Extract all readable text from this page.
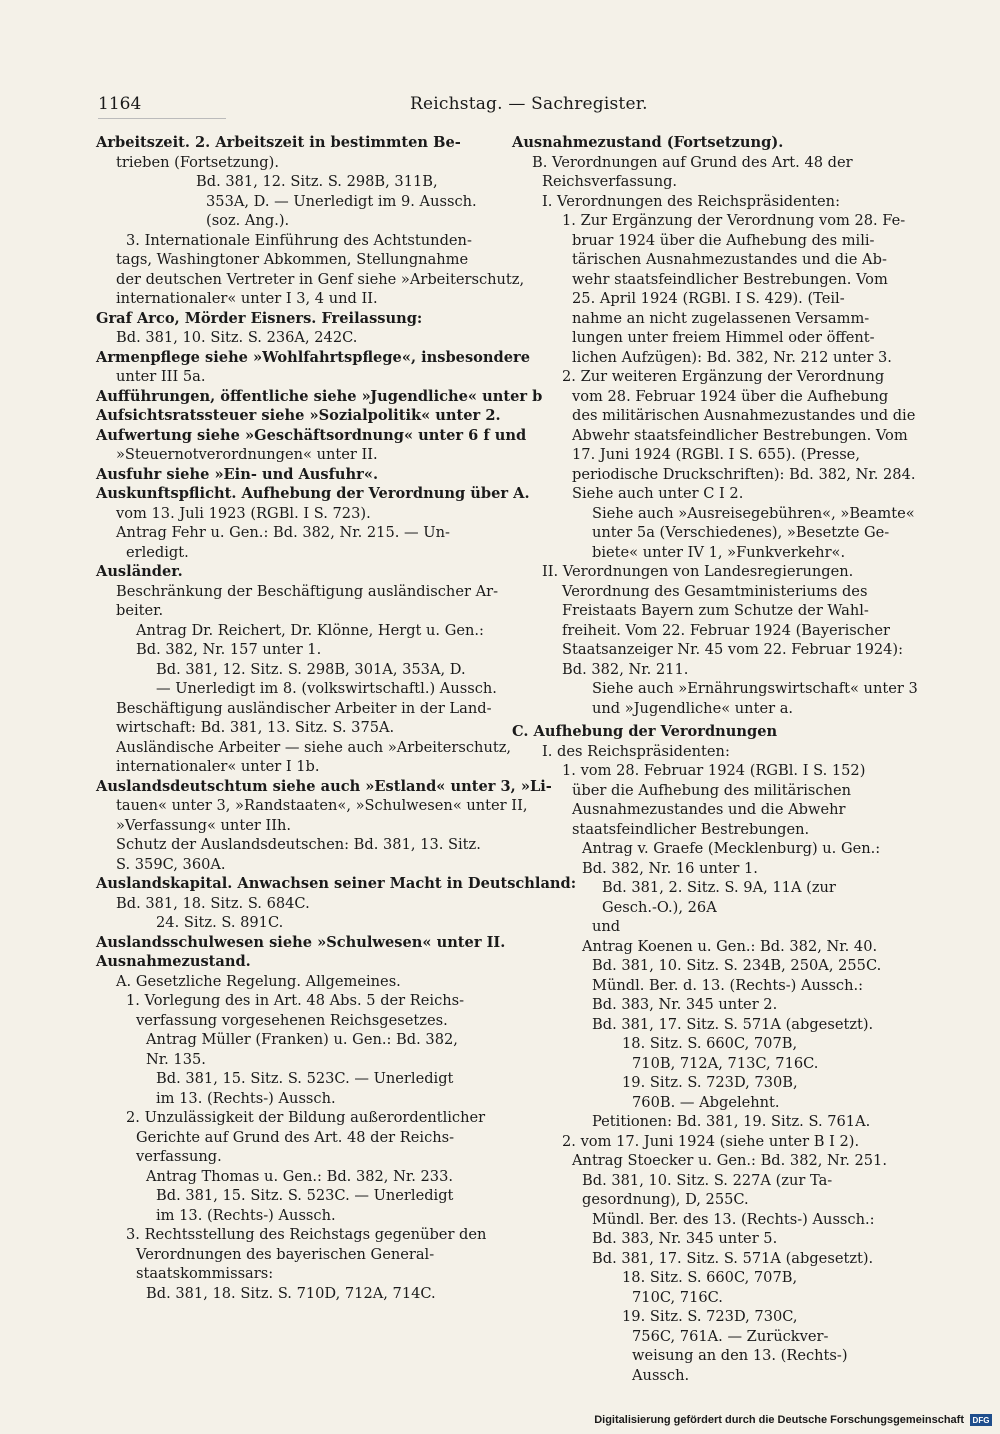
1164	Reichstag. — Sachregister.
Arbeitszeit. 2. Arbeitszeit in bestimmten Be-
trieben (Fortsetzung).
Bd. 381, 12. Sitz. S. 298B, 311B,
353A, D. — Unerledigt im 9. Aussch.
(soz. Ang.).
3. Internationale Einführung des Achtstunden-
tags, Washingtoner Abkommen, Stellungnahme
der deutschen Vertreter in Genf siehe »Arbeiterschutz,
internationaler« unter I 3, 4 und II.
Graf Arco, Mörder Eisners. Freilassung:
Bd. 381, 10. Sitz. S. 236A, 242C.
Armenpflege siehe »Wohlfahrtspflege«, insbesondere
unter III 5a.
Aufführungen, öffentliche siehe »Jugendliche« unter b
Aufsichtsratssteuer siehe »Sozialpolitik« unter 2.
Aufwertung siehe »Geschäftsordnung« unter 6 f und
»Steuernotverordnungen« unter II.
Ausfuhr siehe »Ein- und Ausfuhr«.
Auskunftspflicht. Aufhebung der Verordnung über A.
vom 13. Juli 1923 (RGBl. I S. 723).
Antrag Fehr u. Gen.: Bd. 382, Nr. 215. — Un-
erledigt.
Ausländer.
Beschränkung der Beschäftigung ausländischer Ar-
beiter.
Antrag Dr. Reichert, Dr. Klönne, Hergt u. Gen.:
Bd. 382, Nr. 157 unter 1.
Bd. 381, 12. Sitz. S. 298B, 301A, 353A, D.
— Unerledigt im 8. (volkswirtschaftl.) Aussch.
Beschäftigung ausländischer Arbeiter in der Land-
wirtschaft: Bd. 381, 13. Sitz. S. 375A.
Ausländische Arbeiter — siehe auch »Arbeiterschutz,
internationaler« unter I 1b.
Auslandsdeutschtum siehe auch »Estland« unter 3, »Li-
tauen« unter 3, »Randstaaten«, »Schulwesen« unter II,
»Verfassung« unter IIh.
Schutz der Auslandsdeutschen: Bd. 381, 13. Sitz.
S. 359C, 360A.
Auslandskapital. Anwachsen seiner Macht in Deutschland:
Bd. 381, 18. Sitz. S. 684C.
24. Sitz. S. 891C.
Auslandsschulwesen siehe »Schulwesen« unter II.
Ausnahmezustand.
A. Gesetzliche Regelung. Allgemeines.
1. Vorlegung des in Art. 48 Abs. 5 der Reichs-
verfassung vorgesehenen Reichsgesetzes.
Antrag Müller (Franken) u. Gen.: Bd. 382,
Nr. 135.
Bd. 381, 15. Sitz. S. 523C. — Unerledigt
im 13. (Rechts-) Aussch.
2. Unzulässigkeit der Bildung außerordentlicher
Gerichte auf Grund des Art. 48 der Reichs-
verfassung.
Antrag Thomas u. Gen.: Bd. 382, Nr. 233.
Bd. 381, 15. Sitz. S. 523C. — Unerledigt
im 13. (Rechts-) Aussch.
3. Rechtsstellung des Reichstags gegenüber den
Verordnungen des bayerischen General-
staatskommissars:
Bd. 381, 18. Sitz. S. 710D, 712A, 714C.
Ausnahmezustand (Fortsetzung).
B. Verordnungen auf Grund des Art. 48 der
Reichsverfassung.
I. Verordnungen des Reichspräsidenten:
1. Zur Ergänzung der Verordnung vom 28. Fe-
bruar 1924 über die Aufhebung des mili-
tärischen Ausnahmezustandes und die Ab-
wehr staatsfeindlicher Bestrebungen. Vom
25. April 1924 (RGBl. I S. 429). (Teil-
nahme an nicht zugelassenen Versamm-
lungen unter freiem Himmel oder öffent-
lichen Aufzügen): Bd. 382, Nr. 212 unter 3.
2. Zur weiteren Ergänzung der Verordnung
vom 28. Februar 1924 über die Aufhebung
des militärischen Ausnahmezustandes und die
Abwehr staatsfeindlicher Bestrebungen. Vom
17. Juni 1924 (RGBl. I S. 655). (Presse,
periodische Druckschriften): Bd. 382, Nr. 284.
Siehe auch unter C I 2.
Siehe auch »Ausreisegebühren«, »Beamte«
unter 5a (Verschiedenes), »Besetzte Ge-
biete« unter IV 1, »Funkverkehr«.
II. Verordnungen von Landesregierungen.
Verordnung des Gesamtministeriums des
Freistaats Bayern zum Schutze der Wahl-
freiheit. Vom 22. Februar 1924 (Bayerischer
Staatsanzeiger Nr. 45 vom 22. Februar 1924):
Bd. 382, Nr. 211.
Siehe auch »Ernährungswirtschaft« unter 3
und »Jugendliche« unter a.
C. Aufhebung der Verordnungen
I. des Reichspräsidenten:
1. vom 28. Februar 1924 (RGBl. I S. 152)
über die Aufhebung des militärischen
Ausnahmezustandes und die Abwehr
staatsfeindlicher Bestrebungen.
Antrag v. Graefe (Mecklenburg) u. Gen.:
Bd. 382, Nr. 16 unter 1.
Bd. 381, 2. Sitz. S. 9A, 11A (zur
Gesch.-O.), 26A
und
Antrag Koenen u. Gen.: Bd. 382, Nr. 40.
Bd. 381, 10. Sitz. S. 234B, 250A, 255C.
Mündl. Ber. d. 13. (Rechts-) Aussch.:
Bd. 383, Nr. 345 unter 2.
Bd. 381, 17. Sitz. S. 571A (abgesetzt).
18. Sitz. S. 660C, 707B,
710B, 712A, 713C, 716C.
19. Sitz. S. 723D, 730B,
760B. — Abgelehnt.
Petitionen: Bd. 381, 19. Sitz. S. 761A.
2. vom 17. Juni 1924 (siehe unter B I 2).
Antrag Stoecker u. Gen.: Bd. 382, Nr. 251.
Bd. 381, 10. Sitz. S. 227A (zur Ta-
gesordnung), D, 255C.
Mündl. Ber. des 13. (Rechts-) Aussch.:
Bd. 383, Nr. 345 unter 5.
Bd. 381, 17. Sitz. S. 571A (abgesetzt).
18. Sitz. S. 660C, 707B,
710C, 716C.
19. Sitz. S. 723D, 730C,
756C, 761A. — Zurückver-
weisung an den 13. (Rechts-)
Aussch.
Digitalisierung gefördert durch die Deutsche Forschungsgemeinschaft	DFG
